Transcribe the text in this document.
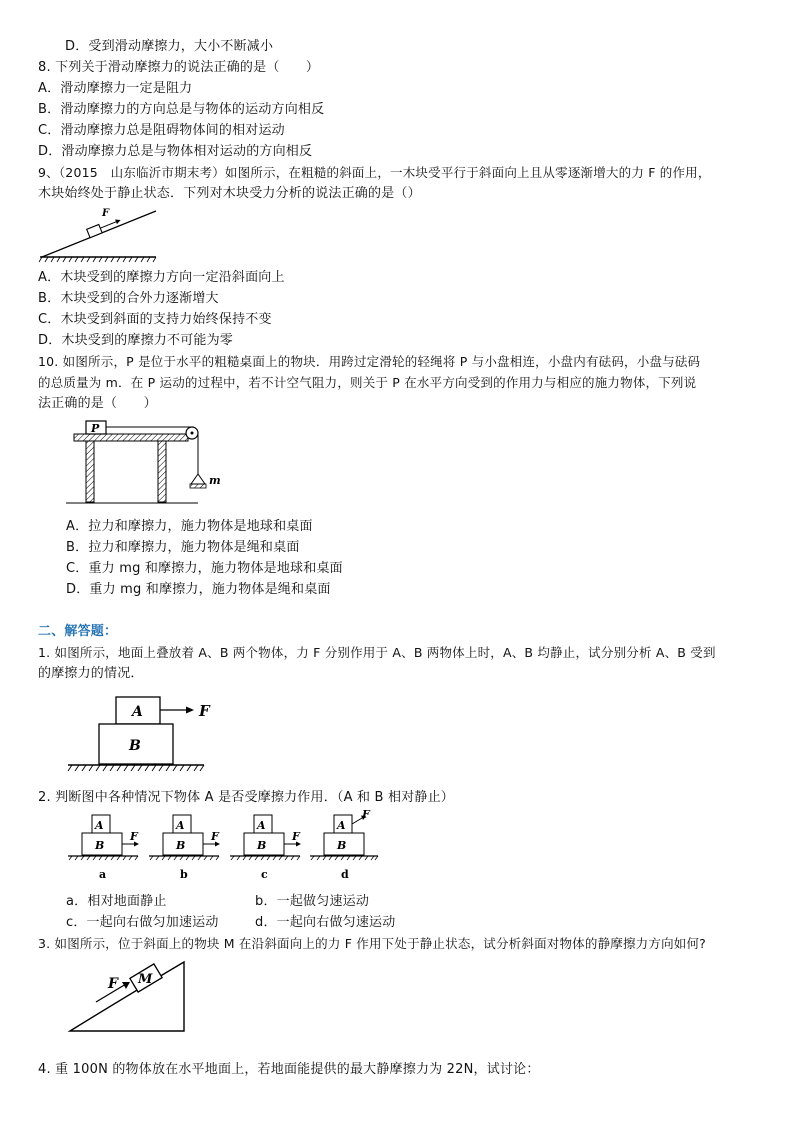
D．受到滑动摩擦力，大小不断减小
8. 下列关于滑动摩擦力的说法正确的是（　　）
A．滑动摩擦力一定是阻力
B．滑动摩擦力的方向总是与物体的运动方向相反
C．滑动摩擦力总是阻碍物体间的相对运动
D．滑动摩擦力总是与物体相对运动的方向相反
9、（2015　山东临沂市期末考）如图所示，在粗糙的斜面上，一木块受平行于斜面向上且从零逐渐增大的力 F 的作用，
木块始终处于静止状态．下列对木块受力分析的说法正确的是（）
F
A．木块受到的摩擦力方向一定沿斜面向上
B．木块受到的合外力逐渐增大
C．木块受到斜面的支持力始终保持不变
D．木块受到的摩擦力不可能为零
10. 如图所示，P 是位于水平的粗糙桌面上的物块．用跨过定滑轮的轻绳将 P 与小盘相连，小盘内有砝码，小盘与砝码
的总质量为 m．在 P 运动的过程中，若不计空气阻力，则关于 P 在水平方向受到的作用力与相应的施力物体，下列说
法正确的是（　　）
P
m
A．拉力和摩擦力，施力物体是地球和桌面
B．拉力和摩擦力，施力物体是绳和桌面
C．重力 mg 和摩擦力，施力物体是地球和桌面
D．重力 mg 和摩擦力，施力物体是绳和桌面
二、解答题：
1. 如图所示，地面上叠放着 A、B 两个物体，力 F 分别作用于 A、B 两物体上时，A、B 均静止，试分别分析 A、B 受到
的摩擦力的情况．
A	F
B
2. 判断图中各种情况下物体 A 是否受摩擦力作用．（A 和 B 相对静止）
A
B
F
a
A
B
F
b
A
B
F
c
A
F
B
d
a．相对地面静止	b．一起做匀速运动
c．一起向右做匀加速运动	d．一起向右做匀速运动
3. 如图所示，位于斜面上的物块 M 在沿斜面向上的力 F 作用下处于静止状态，试分析斜面对物体的静摩擦力方向如何?
M
F
4. 重 100N 的物体放在水平地面上，若地面能提供的最大静摩擦力为 22N，试讨论：
